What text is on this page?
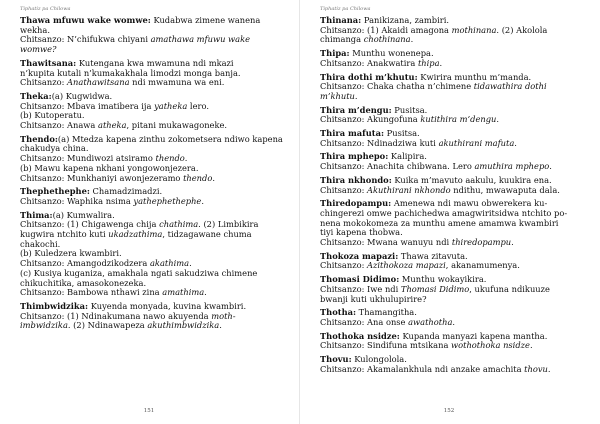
Tiphatiz pa Chilowa
Thawa mfuwu wake womwe: Kudabwa zimene wanena
wekha.
Chitsanzo: N’chifukwa chiyani amathawa mfuwu wake
womwe?
Thawitsana: Kutengana kwa mwamuna ndi mkazi
n’kupita kutali n’kumakakhala limodzi monga banja.
Chitsanzo: Anathawitsana ndi mwamuna wa eni.
Theka:(a) Kugwidwa.
Chitsanzo: Mbava imatibera ija yatheka lero.
(b) Kutoperatu.
Chitsanzo: Anawa atheka, pitani mukawagoneke.
Thendo:(a) Mtedza kapena zinthu zokometsera ndiwo kapena
chakudya china.
Chitsanzo: Mundiwozi atsiramo thendo.
(b) Mawu kapena nkhani yongowonjezera.
Chitsanzo: Munkhaniyi awonjezeramo thendo.
Thephethephe: Chamadzimadzi.
Chitsanzo: Waphika nsima yathephethephe.
Thima:(a) Kumwalira.
Chitsanzo: (1) Chigawenga chija chathima. (2) Limbikira
kugwira ntchito kuti ukadzathima, tidzagawane chuma
chakochi.
(b) Kuledzera kwambiri.
Chitsanzo: Amangodzikodzera akathima.
(c) Kusiya kuganiza, amakhala ngati sakudziwa chimene
chikuchitika, amasokonezeka.
Chitsanzo: Bambowa nthawi zina amathima.
Thimbwidzika: Kuyenda monyada, kuvina kwambiri.
Chitsanzo: (1) Ndinakumana nawo akuyenda moth-
imbwidzika. (2) Ndinawapeza akuthimbwidzika.
151
Tiphatiz pa Chilowa
Thinana: Panikizana, zambiri.
Chitsanzo: (1) Akaidi amagona mothinana. (2) Akolola
chimanga chothinana.
Thipa: Munthu wonenepa.
Chitsanzo: Anakwatira thipa.
Thira dothi m’khutu: Kwirira munthu m’manda.
Chitsanzo: Chaka chatha n’chimene tidawathira dothi
m’khutu.
Thira m’dengu: Pusitsa.
Chitsanzo: Akungofuna kutithira m’dengu.
Thira mafuta: Pusitsa.
Chitsanzo: Ndinadziwa kuti akuthirani mafuta.
Thira mphepo: Kalipira.
Chitsanzo: Anachita chibwana. Lero amuthira mphepo.
Thira nkhondo: Kuika m’mavuto aakulu, kuukira ena.
Chitsanzo: Akuthirani nkhondo ndithu, mwawaputa dala.
Thiredopampu: Amenewa ndi mawu obwerekera ku-
chingerezi omwe pachichedwa amagwiritsidwa ntchito po-
nena mokokomeza za munthu amene amamwa kwambiri
tiyi kapena thobwa.
Chitsanzo: Mwana wanuyu ndi thiredopampu.
Thokoza mapazi: Thawa zitavuta.
Chitsanzo: Azithokoza mapazi, akanamumenya.
Thomasi Didimo: Munthu wokayikira.
Chitsanzo: Iwe ndi Thomasi Didimo, ukufuna ndikuuze
bwanji kuti ukhulupirire?
Thotha: Thamangitha.
Chitsanzo: Ana onse awathotha.
Thothoka nsidze: Kupanda manyazi kapena mantha.
Chitsanzo: Sindifuna mtsikana wothothoka nsidze.
Thovu: Kulongolola.
Chitsanzo: Akamalankhula ndi anzake amachita thovu.
152
